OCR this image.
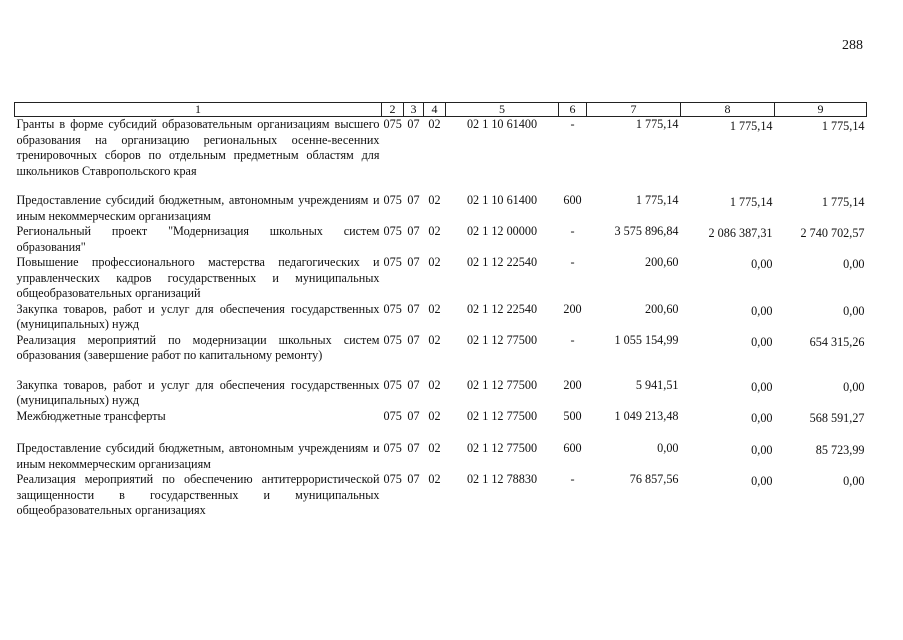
288
1	2	3	4	5	6	7	8	9
Гранты в форме субсидий образовательным организациям высшего образования на организацию региональных осенне-весенних тренировочных сборов по отдельным предметным областям для школьников Ставропольского края	075	07	02	02 1 10 61400	-	1 775,14	1 775,14	1 775,14
Предоставление субсидий бюджетным, автономным учреждениям и иным некоммерческим организациям	075	07	02	02 1 10 61400	600	1 775,14	1 775,14	1 775,14
Региональный проект "Модернизация школьных систем образования"	075	07	02	02 1 12 00000	-	3 575 896,84	2 086 387,31	2 740 702,57
Повышение профессионального мастерства педагогических и управленческих кадров государственных и муниципальных общеобразовательных организаций	075	07	02	02 1 12 22540	-	200,60	0,00	0,00
Закупка товаров, работ и услуг для обеспечения государственных (муниципальных) нужд	075	07	02	02 1 12 22540	200	200,60	0,00	0,00
Реализация мероприятий по модернизации школьных систем образования (завершение работ по капитальному ремонту)	075	07	02	02 1 12 77500	-	1 055 154,99	0,00	654 315,26
Закупка товаров, работ и услуг для обеспечения государственных (муниципальных) нужд	075	07	02	02 1 12 77500	200	5 941,51	0,00	0,00
Межбюджетные трансферты	075	07	02	02 1 12 77500	500	1 049 213,48	0,00	568 591,27
Предоставление субсидий бюджетным, автономным учреждениям и иным некоммерческим организациям	075	07	02	02 1 12 77500	600	0,00	0,00	85 723,99
Реализация мероприятий по обеспечению антитеррористической защищенности в государственных и муниципальных общеобразовательных организациях	075	07	02	02 1 12 78830	-	76 857,56	0,00	0,00
